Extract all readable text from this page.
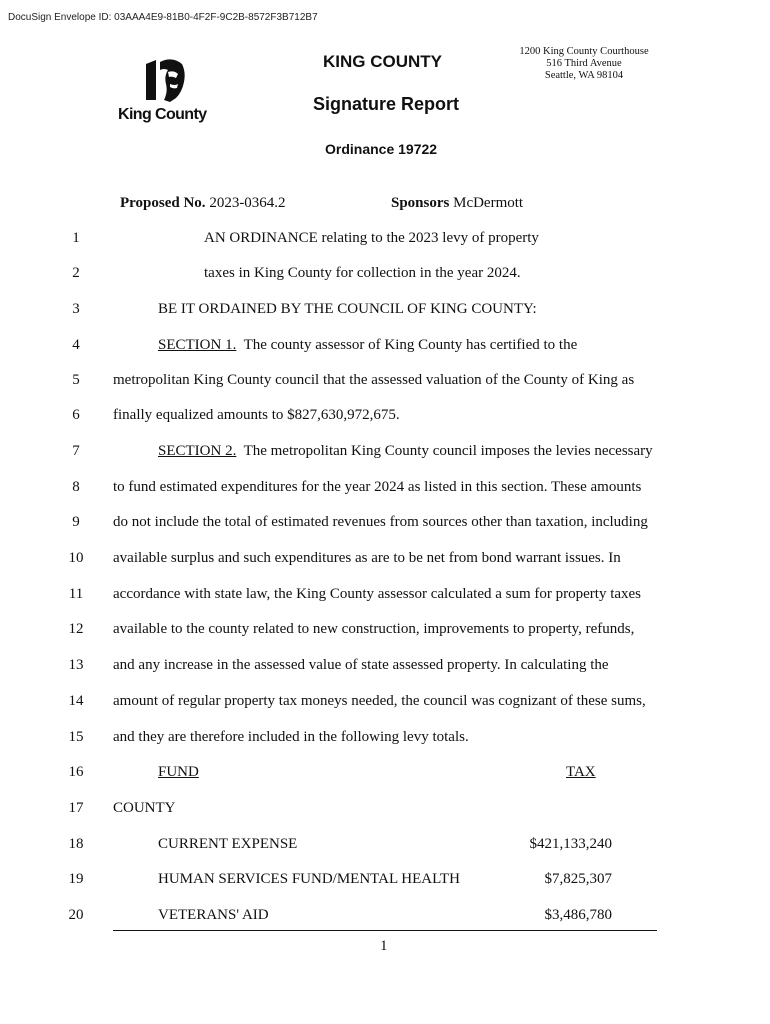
DocuSign Envelope ID: 03AAA4E9-81B0-4F2F-9C2B-8572F3B712B7
King County
KING COUNTY
Signature Report
Ordinance 19722
1200 King County Courthouse
516 Third Avenue
Seattle, WA 98104
Proposed No. 2023-0364.2	Sponsors McDermott
1	AN ORDINANCE relating to the 2023 levy of property
2	taxes in King County for collection in the year 2024.
3	BE IT ORDAINED BY THE COUNCIL OF KING COUNTY:
4	SECTION 1.  The county assessor of King County has certified to the
5	metropolitan King County council that the assessed valuation of the County of King as
6	finally equalized amounts to $827,630,972,675.
7	SECTION 2.  The metropolitan King County council imposes the levies necessary
8	to fund estimated expenditures for the year 2024 as listed in this section. These amounts
9	do not include the total of estimated revenues from sources other than taxation, including
10	available surplus and such expenditures as are to be net from bond warrant issues. In
11	accordance with state law, the King County assessor calculated a sum for property taxes
12	available to the county related to new construction, improvements to property, refunds,
13	and any increase in the assessed value of state assessed property. In calculating the
14	amount of regular property tax moneys needed, the council was cognizant of these sums,
15	and they are therefore included in the following levy totals.
16	FUND	TAX
17	COUNTY
18	CURRENT EXPENSE	$421,133,240
19	HUMAN SERVICES FUND/MENTAL HEALTH	$7,825,307
20	VETERANS' AID	$3,486,780
1
